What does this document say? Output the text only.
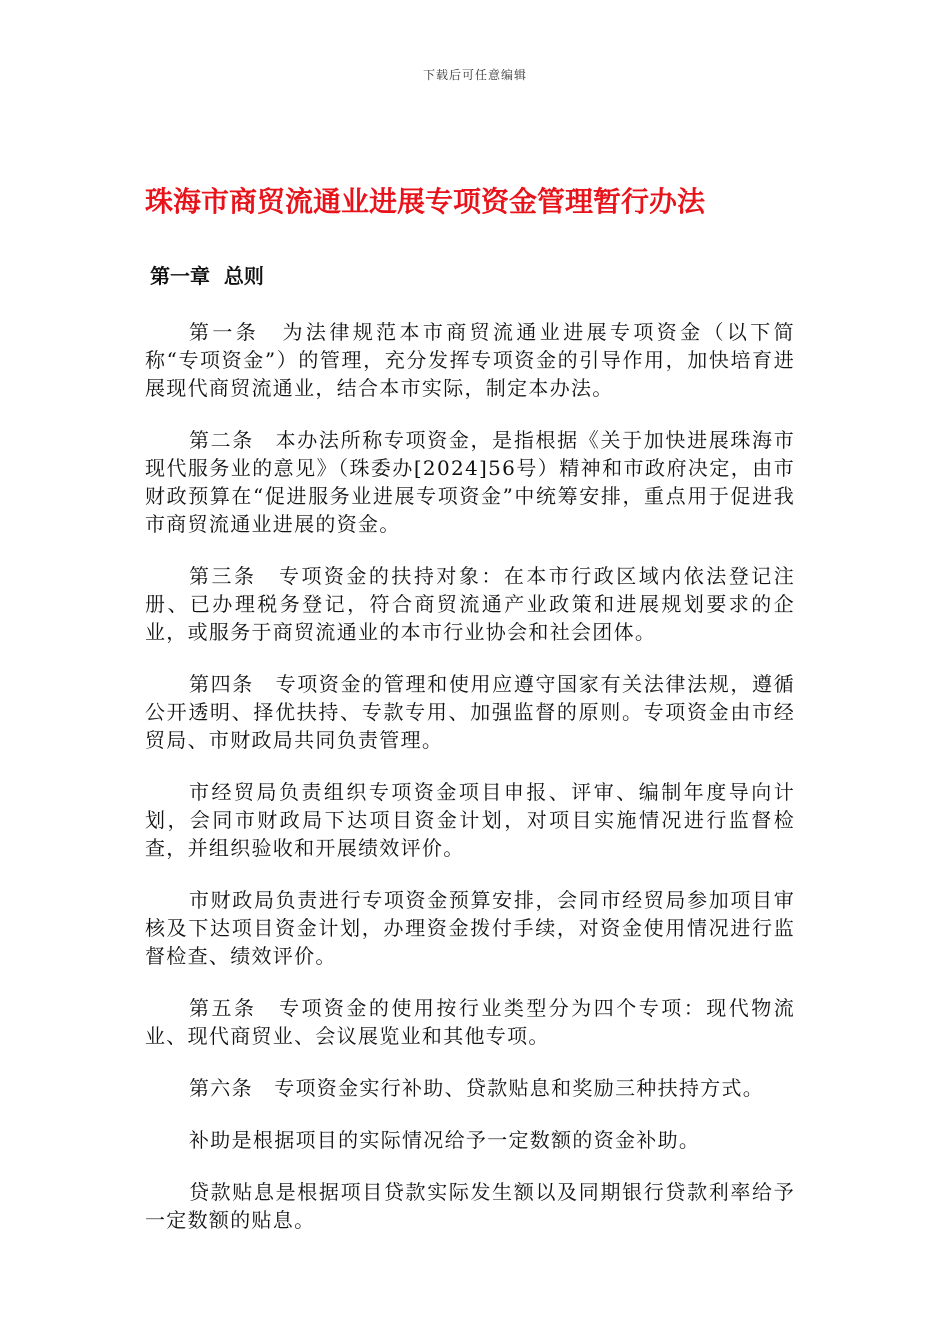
下载后可任意编辑
珠海市商贸流通业进展专项资金管理暂行办法
第一章  总则

第一条　为法律规范本市商贸流通业进展专项资金（以下简称“专项资金”）的管理，充分发挥专项资金的引导作用，加快培育进展现代商贸流通业，结合本市实际，制定本办法。

第二条　本办法所称专项资金，是指根据《关于加快进展珠海市现代服务业的意见》（珠委办[2024]56号）精神和市政府决定，由市财政预算在“促进服务业进展专项资金”中统筹安排，重点用于促进我市商贸流通业进展的资金。

第三条　专项资金的扶持对象：在本市行政区域内依法登记注册、已办理税务登记，符合商贸流通产业政策和进展规划要求的企业，或服务于商贸流通业的本市行业协会和社会团体。

第四条　专项资金的管理和使用应遵守国家有关法律法规，遵循公开透明、择优扶持、专款专用、加强监督的原则。专项资金由市经贸局、市财政局共同负责管理。

市经贸局负责组织专项资金项目申报、评审、编制年度导向计划，会同市财政局下达项目资金计划，对项目实施情况进行监督检查，并组织验收和开展绩效评价。

市财政局负责进行专项资金预算安排，会同市经贸局参加项目审核及下达项目资金计划，办理资金拨付手续，对资金使用情况进行监督检查、绩效评价。

第五条　专项资金的使用按行业类型分为四个专项：现代物流业、现代商贸业、会议展览业和其他专项。

第六条　专项资金实行补助、贷款贴息和奖励三种扶持方式。

补助是根据项目的实际情况给予一定数额的资金补助。

贷款贴息是根据项目贷款实际发生额以及同期银行贷款利率给予一定数额的贴息。
